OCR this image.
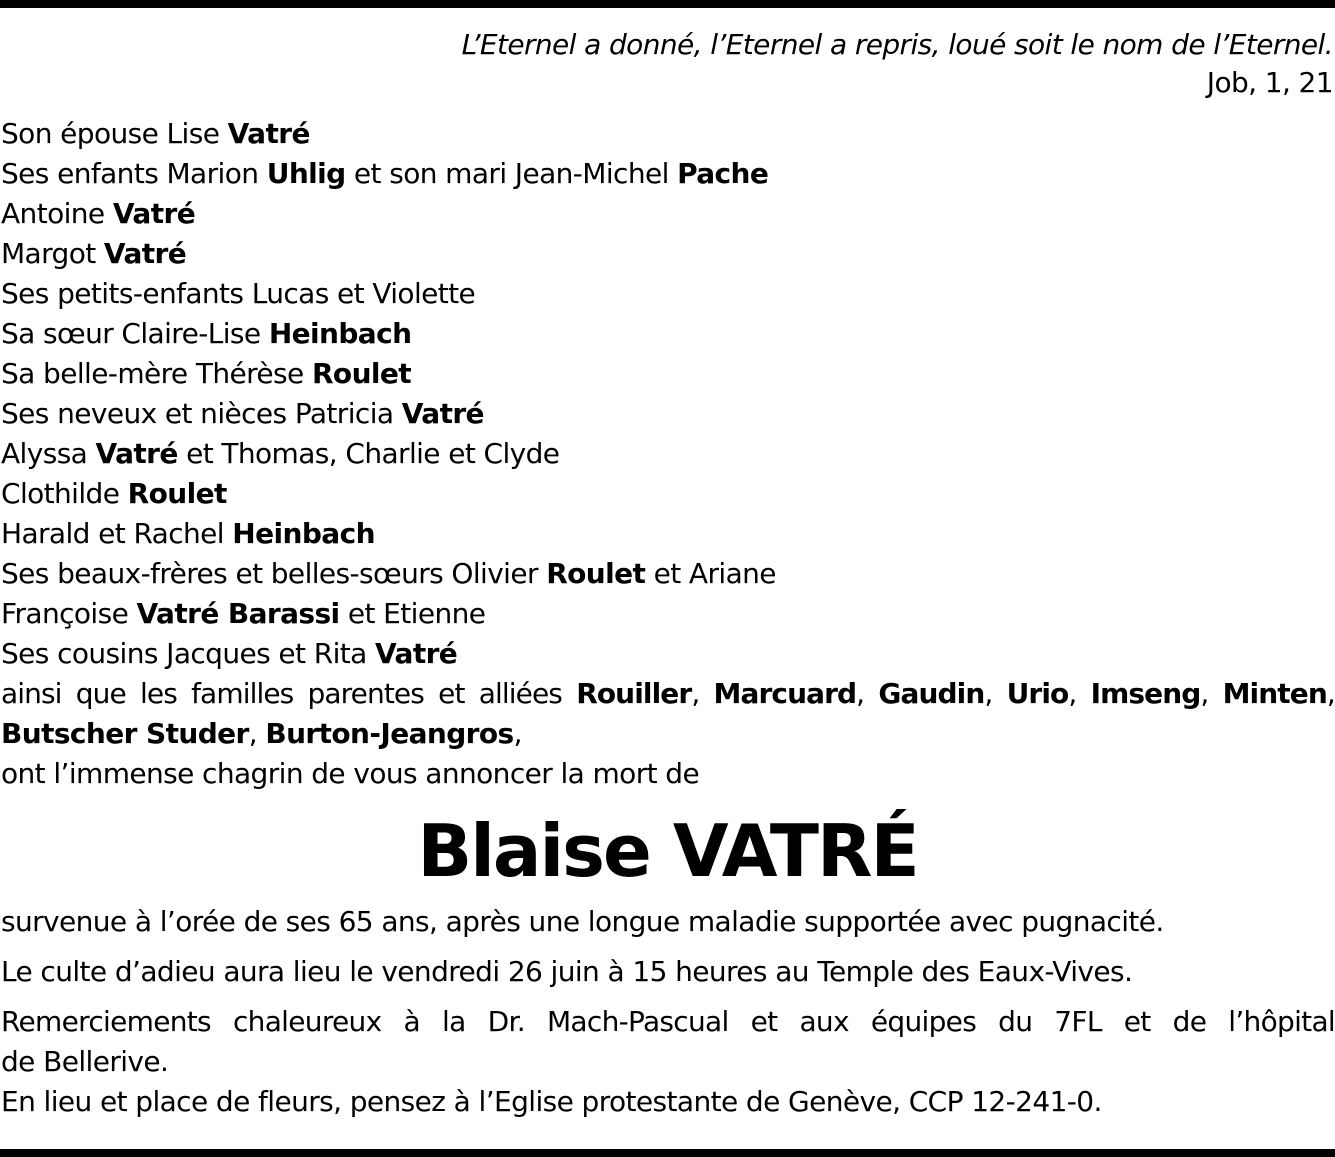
L’Eternel a donné, l’Eternel a repris, loué soit le nom de l’Eternel.
Job, 1, 21
Son épouse Lise Vatré
Ses enfants Marion Uhlig et son mari Jean-Michel Pache
Antoine Vatré
Margot Vatré
Ses petits-enfants Lucas et Violette
Sa sœur Claire-Lise Heinbach
Sa belle-mère Thérèse Roulet
Ses neveux et nièces Patricia Vatré
Alyssa Vatré et Thomas, Charlie et Clyde
Clothilde Roulet
Harald et Rachel Heinbach
Ses beaux-frères et belles-sœurs Olivier Roulet et Ariane
Françoise Vatré Barassi et Etienne
Ses cousins Jacques et Rita Vatré
ainsi que les familles parentes et alliées Rouiller, Marcuard, Gaudin, Urio, Imseng, Minten,
Butscher Studer, Burton-Jeangros,
ont l’immense chagrin de vous annoncer la mort de
Blaise VATRÉ

survenue à l’orée de ses 65 ans, après une longue maladie supportée avec pugnacité.

Le culte d’adieu aura lieu le vendredi 26 juin à 15 heures au Temple des Eaux-Vives.

Remerciements chaleureux à la Dr. Mach-Pascual et aux équipes du 7FL et de l’hôpital
de Bellerive.

En lieu et place de fleurs, pensez à l’Eglise protestante de Genève, CCP 12-241-0.
